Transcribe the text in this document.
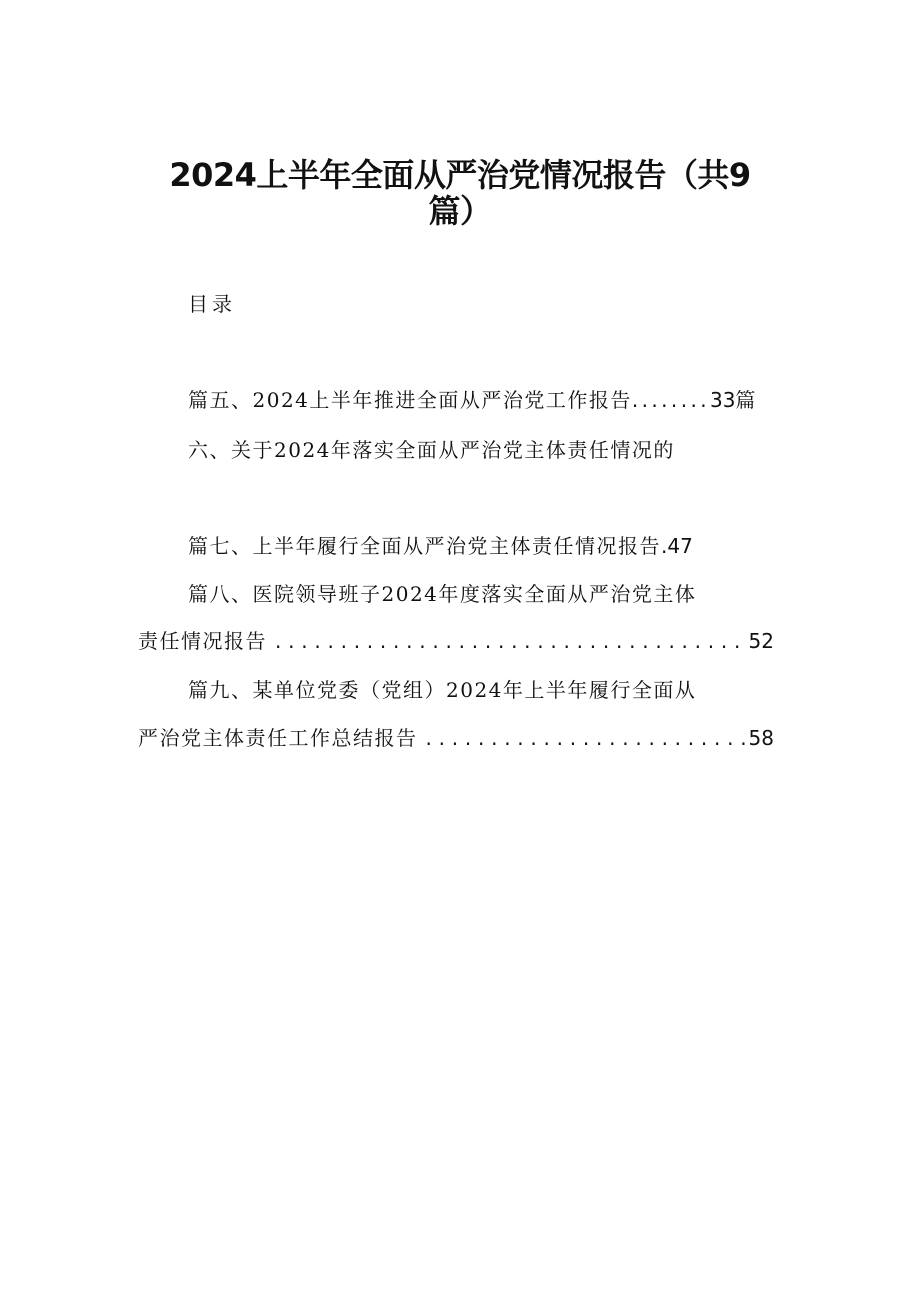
2024上半年全面从严治党情况报告（共9
篇）
目录
篇五、2024上半年推进全面从严治党工作报告 ........ 33篇
六、关于2024年落实全面从严治党主体责任情况的
篇七、上半年履行全面从严治党主体责任情况报告 .47
篇八、医院领导班子2024年度落实全面从严治党主体
责任情况报告 . . .	52
篇九、某单位党委（党组）2024年上半年履行全面从
严治党主体责任工作总结报告 . . .	58
